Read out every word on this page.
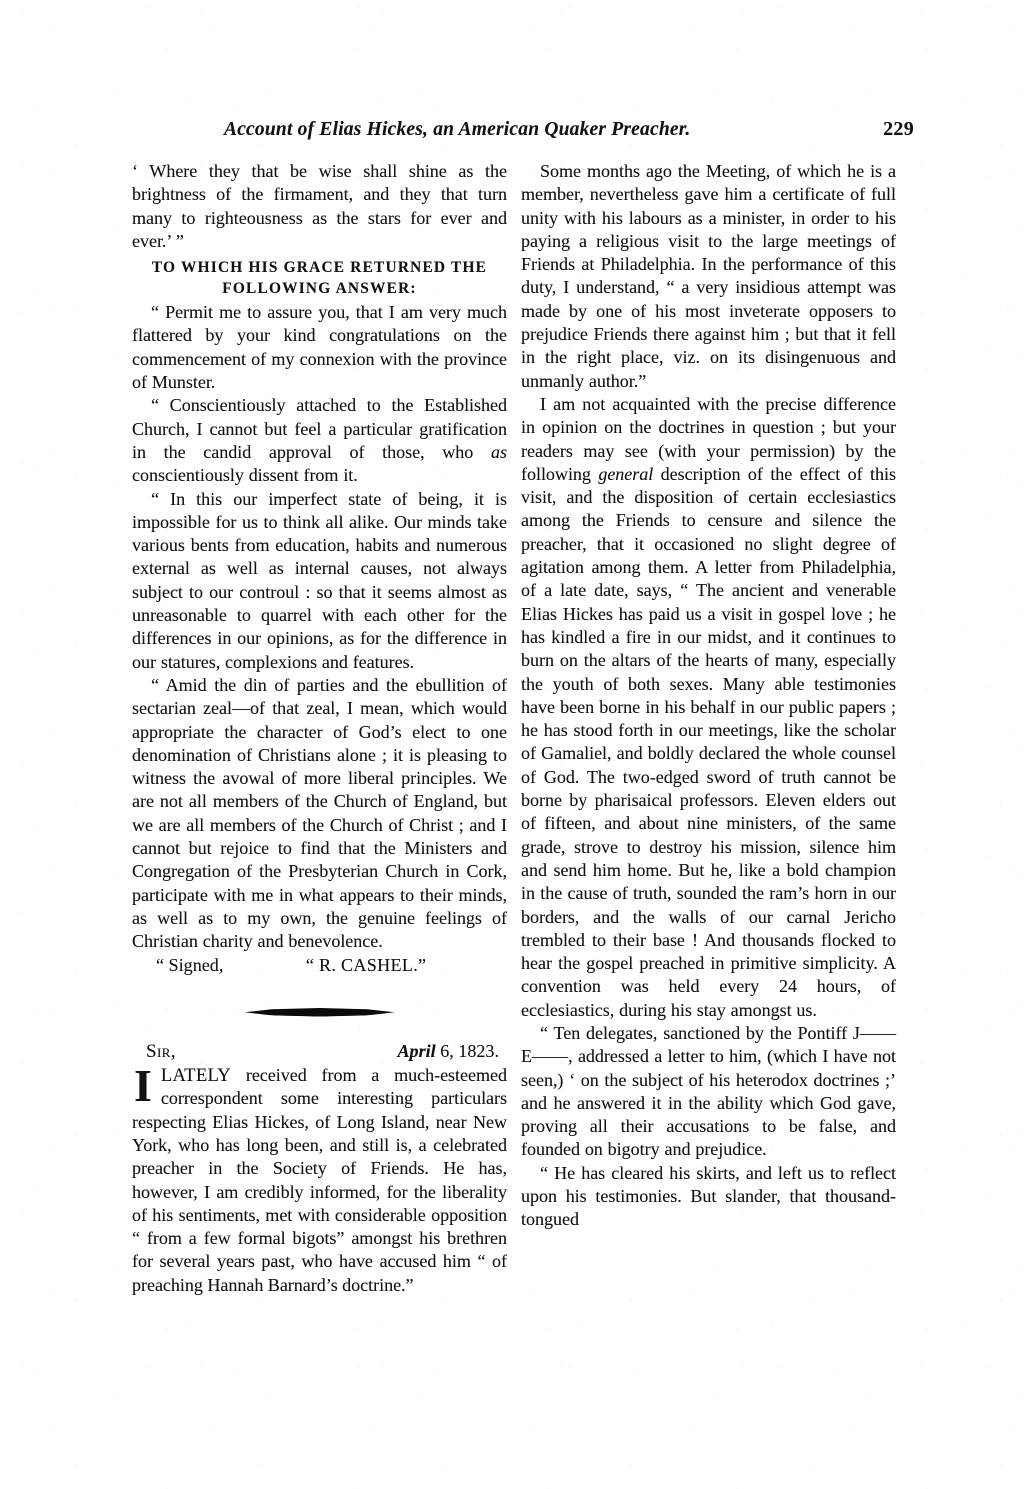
Account of Elias Hickes, an American Quaker Preacher.	229

‘ Where they that be wise shall shine as the brightness of the firmament, and they that turn many to righteousness as the stars for ever and ever.’ ”

TO WHICH HIS GRACE RETURNED THE
FOLLOWING ANSWER:

“ Permit me to assure you, that I am very much flattered by your kind congratulations on the commencement of my connexion with the province of Munster.

“ Conscientiously attached to the Established Church, I cannot but feel a particular gratification in the candid approval of those, who as conscientiously dissent from it.

“ In this our imperfect state of being, it is impossible for us to think all alike. Our minds take various bents from education, habits and numerous external as well as internal causes, not always subject to our controul : so that it seems almost as unreasonable to quarrel with each other for the differences in our opinions, as for the difference in our statures, complexions and features.

“ Amid the din of parties and the ebullition of sectarian zeal—of that zeal, I mean, which would appropriate the character of God’s elect to one denomination of Christians alone ; it is pleasing to witness the avowal of more liberal principles. We are not all members of the Church of England, but we are all members of the Church of Christ ; and I cannot but rejoice to find that the Ministers and Congregation of the Presbyterian Church in Cork, participate with me in what appears to their minds, as well as to my own, the genuine feelings of Christian charity and benevolence.

“ Signed,	“ R. CASHEL.”

Sir,	April 6, 1823.

ILATELY received from a much-esteemed correspondent some interesting particulars respecting Elias Hickes, of Long Island, near New York, who has long been, and still is, a celebrated preacher in the Society of Friends. He has, however, I am credibly informed, for the liberality of his sentiments, met with considerable opposition “ from a few formal bigots” amongst his brethren for several years past, who have accused him “ of preaching Hannah Barnard’s doctrine.”

Some months ago the Meeting, of which he is a member, nevertheless gave him a certificate of full unity with his labours as a minister, in order to his paying a religious visit to the large meetings of Friends at Philadelphia. In the performance of this duty, I understand, “ a very insidious attempt was made by one of his most inveterate opposers to prejudice Friends there against him ; but that it fell in the right place, viz. on its disingenuous and unmanly author.”

I am not acquainted with the precise difference in opinion on the doctrines in question ; but your readers may see (with your permission) by the following general description of the effect of this visit, and the disposition of certain ecclesiastics among the Friends to censure and silence the preacher, that it occasioned no slight degree of agitation among them. A letter from Philadelphia, of a late date, says, “ The ancient and venerable Elias Hickes has paid us a visit in gospel love ; he has kindled a fire in our midst, and it continues to burn on the altars of the hearts of many, especially the youth of both sexes. Many able testimonies have been borne in his behalf in our public papers ; he has stood forth in our meetings, like the scholar of Gamaliel, and boldly declared the whole counsel of God. The two-edged sword of truth cannot be borne by pharisaical professors. Eleven elders out of fifteen, and about nine ministers, of the same grade, strove to destroy his mission, silence him and send him home. But he, like a bold champion in the cause of truth, sounded the ram’s horn in our borders, and the walls of our carnal Jericho trembled to their base ! And thousands flocked to hear the gospel preached in primitive simplicity. A convention was held every 24 hours, of ecclesiastics, during his stay amongst us.

“ Ten delegates, sanctioned by the Pontiff J—— E——, addressed a letter to him, (which I have not seen,) ‘ on the subject of his heterodox doctrines ;’ and he answered it in the ability which God gave, proving all their accusations to be false, and founded on bigotry and prejudice.

“ He has cleared his skirts, and left us to reflect upon his testimonies. But slander, that thousand-tongued
